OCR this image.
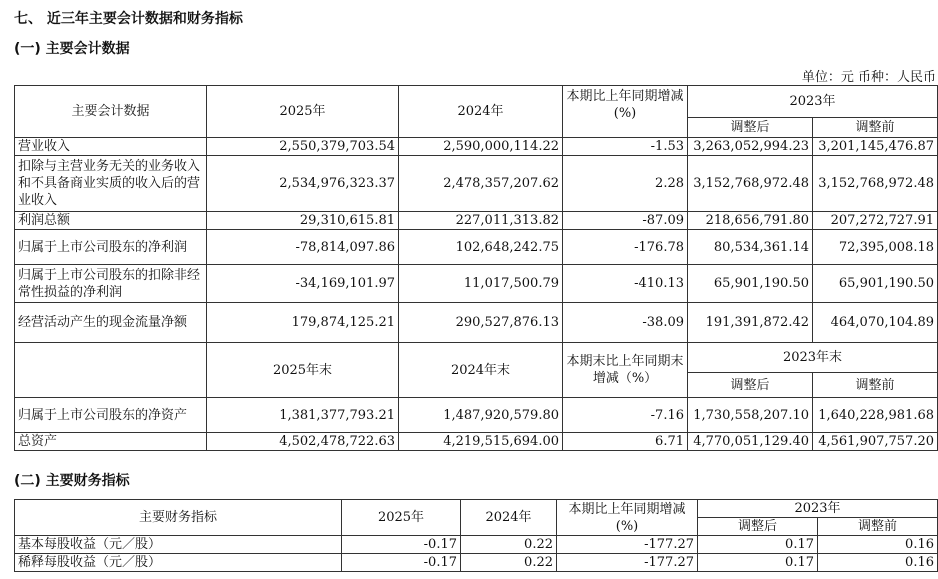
七、 近三年主要会计数据和财务指标
(一) 主要会计数据
单位：元 币种：人民币
主要会计数据	2025年	2024年	本期比上年同期增减(%)	2023年	
				调整后	调整前
营业收入	2,550,379,703.54	2,590,000,114.22	-1.53	3,263,052,994.23	3,201,145,476.87
扣除与主营业务无关的业务收入和不具备商业实质的收入后的营业收入	2,534,976,323.37	2,478,357,207.62	2.28	3,152,768,972.48	3,152,768,972.48
利润总额	29,310,615.81	227,011,313.82	-87.09	218,656,791.80	207,272,727.91
归属于上市公司股东的净利润	-78,814,097.86	102,648,242.75	-176.78	80,534,361.14	72,395,008.18
归属于上市公司股东的扣除非经常性损益的净利润	-34,169,101.97	11,017,500.79	-410.13	65,901,190.50	65,901,190.50
经营活动产生的现金流量净额	179,874,125.21	290,527,876.13	-38.09	191,391,872.42	464,070,104.89
	2025年末	2024年末	本期末比上年同期末增减（%）	2023年末	
				调整后	调整前
归属于上市公司股东的净资产	1,381,377,793.21	1,487,920,579.80	-7.16	1,730,558,207.10	1,640,228,981.68
总资产	4,502,478,722.63	4,219,515,694.00	6.71	4,770,051,129.40	4,561,907,757.20
(二) 主要财务指标
主要财务指标	2025年	2024年	本期比上年同期增减(%)	2023年	
				调整后	调整前
基本每股收益（元／股）	-0.17	0.22	-177.27	0.17	0.16
稀释每股收益（元／股）	-0.17	0.22	-177.27	0.17	0.16
